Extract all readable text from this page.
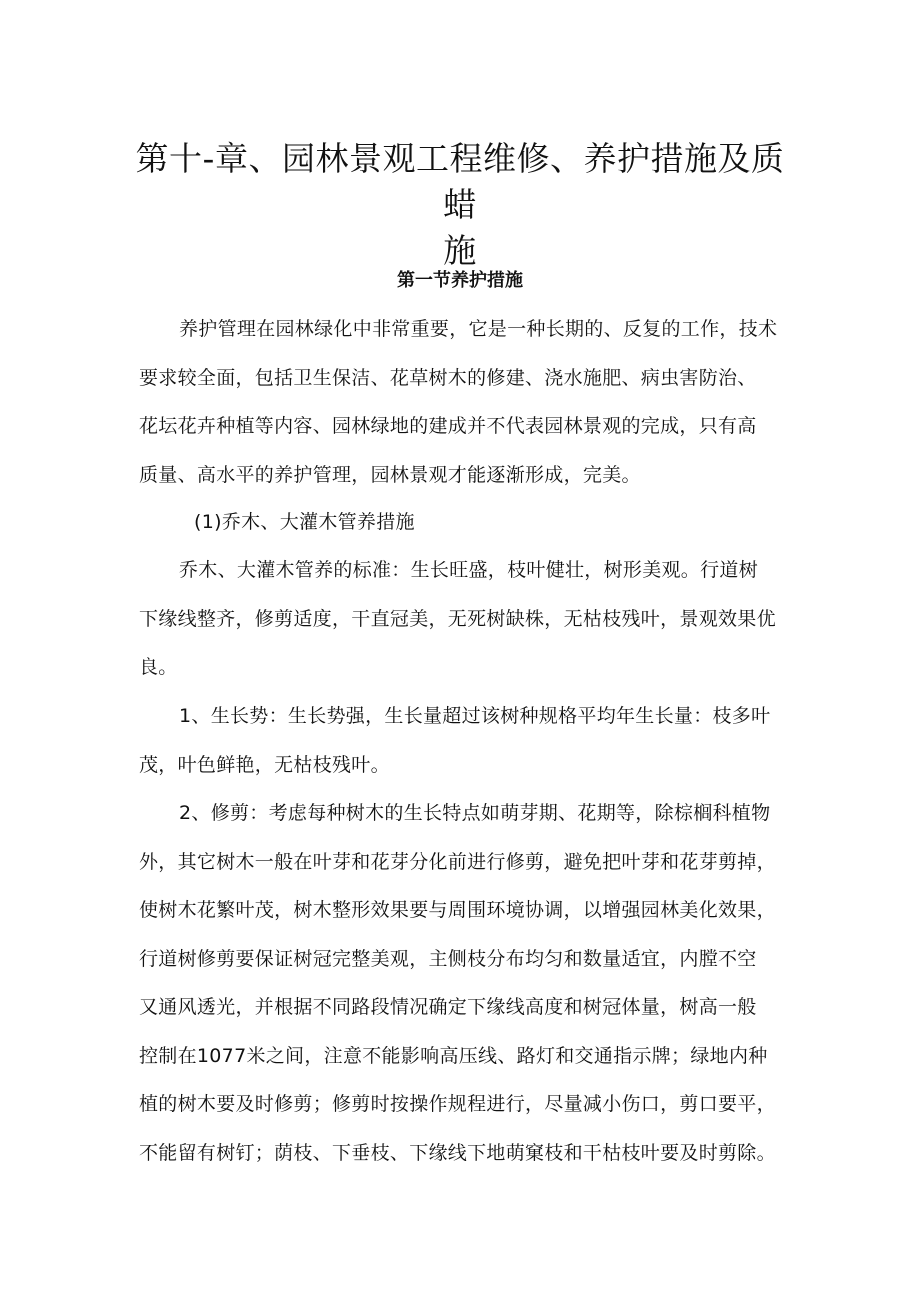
第十-章、园林景观工程维修、养护措施及质蜡
施
第一节养护措施

养护管理在园林绿化中非常重要，它是一种长期的、反复的工作，技术
要求较全面，包括卫生保洁、花草树木的修建、浇水施肥、病虫害防治、
花坛花卉种植等内容、园林绿地的建成并不代表园林景观的完成，只有高
质量、高水平的养护管理，园林景观才能逐渐形成，完美。

(1)乔木、大灌木管养措施

乔木、大灌木管养的标准：生长旺盛，枝叶健壮，树形美观。行道树
下缘线整齐，修剪适度，干直冠美，无死树缺株，无枯枝残叶，景观效果优
良。

1、生长势：生长势强，生长量超过该树种规格平均年生长量：枝多叶
茂，叶色鲜艳，无枯枝残叶。

2、修剪：考虑每种树木的生长特点如萌芽期、花期等，除棕榈科植物
外，其它树木一般在叶芽和花芽分化前进行修剪，避免把叶芽和花芽剪掉，
使树木花繁叶茂，树木整形效果要与周围环境协调，以增强园林美化效果，
行道树修剪要保证树冠完整美观，主侧枝分布均匀和数量适宜，内膛不空
又通风透光，并根据不同路段情况确定下缘线高度和树冠体量，树高一般
控制在1077米之间，注意不能影响高压线、路灯和交通指示牌；绿地内种
植的树木要及时修剪；修剪时按操作规程进行，尽量减小伤口，剪口要平，
不能留有树钉；荫枝、下垂枝、下缘线下地萌窠枝和干枯枝叶要及时剪除。
